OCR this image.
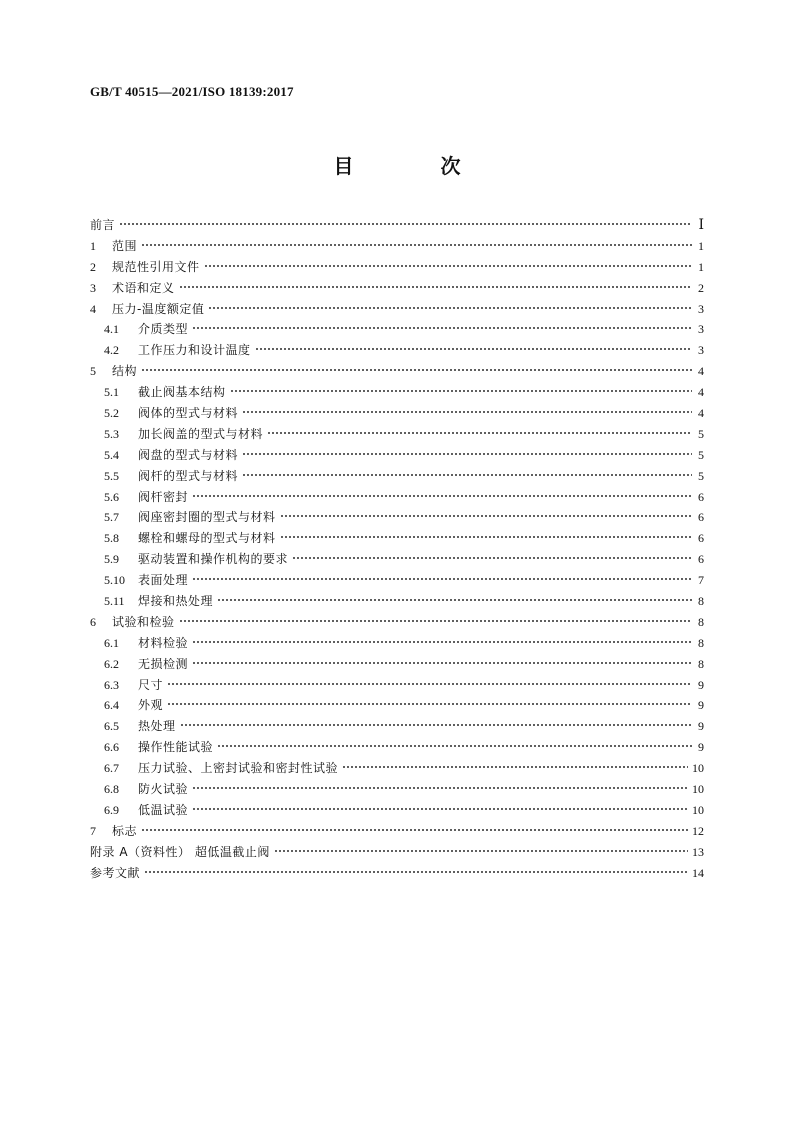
GB/T 40515—2021/ISO 18139:2017
目 次
前言	Ⅰ
1	范围	1
2	规范性引用文件	1
3	术语和定义	2
4	压力-温度额定值	3
4.1	介质类型	3
4.2	工作压力和设计温度	3
5	结构	4
5.1	截止阀基本结构	4
5.2	阀体的型式与材料	4
5.3	加长阀盖的型式与材料	5
5.4	阀盘的型式与材料	5
5.5	阀杆的型式与材料	5
5.6	阀杆密封	6
5.7	阀座密封圈的型式与材料	6
5.8	螺栓和螺母的型式与材料	6
5.9	驱动装置和操作机构的要求	6
5.10	表面处理	7
5.11	焊接和热处理	8
6	试验和检验	8
6.1	材料检验	8
6.2	无损检测	8
6.3	尺寸	9
6.4	外观	9
6.5	热处理	9
6.6	操作性能试验	9
6.7	压力试验、上密封试验和密封性试验	10
6.8	防火试验	10
6.9	低温试验	10
7	标志	12
附录 A（资料性） 超低温截止阀	13
参考文献	14
